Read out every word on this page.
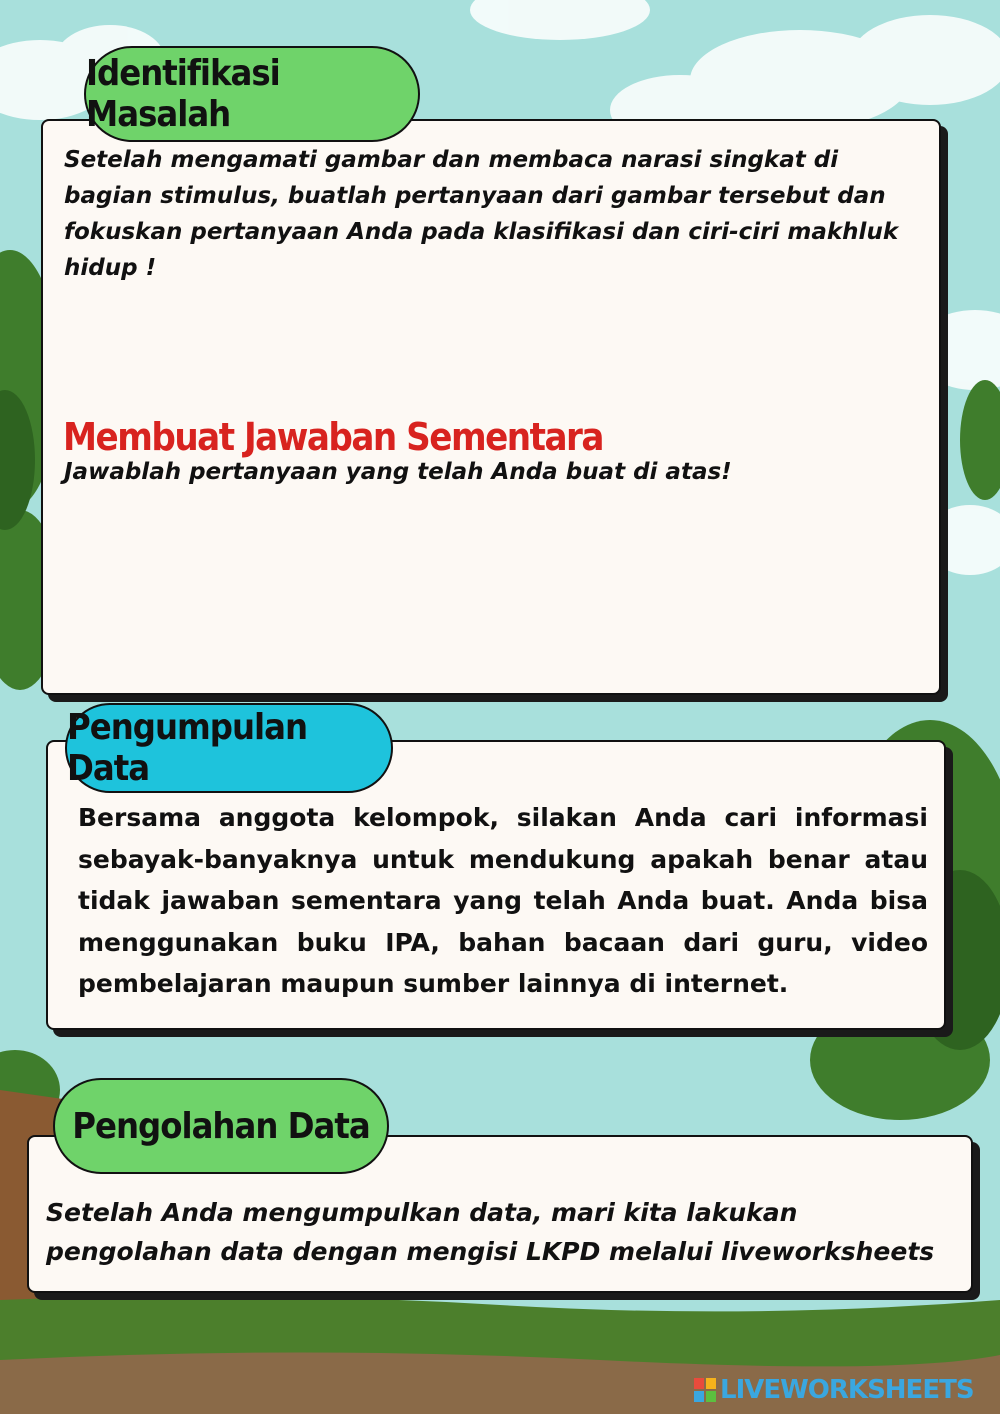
Identifikasi Masalah
Setelah mengamati gambar dan membaca narasi singkat di bagian stimulus, buatlah pertanyaan dari gambar tersebut dan fokuskan pertanyaan Anda pada klasifikasi dan ciri-ciri makhluk hidup !
Membuat Jawaban Sementara
Jawablah pertanyaan yang telah Anda buat di atas!
Pengumpulan Data
Bersama anggota kelompok, silakan Anda cari informasi sebayak-banyaknya untuk mendukung apakah benar atau tidak jawaban sementara yang telah Anda buat. Anda bisa menggunakan buku IPA, bahan bacaan dari guru, video pembelajaran maupun sumber lainnya di internet.
Pengolahan Data
Setelah Anda mengumpulkan data, mari kita lakukan pengolahan data dengan mengisi LKPD melalui liveworksheets
LIVEWORKSHEETS
